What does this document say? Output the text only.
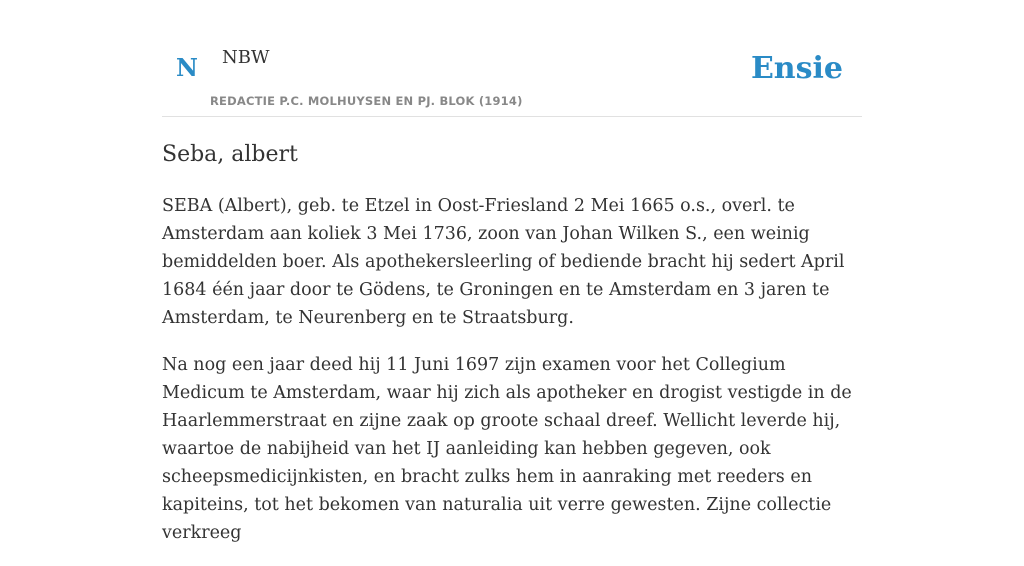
N NBW
REDACTIE P.C. MOLHUYSEN EN PJ. BLOK (1914)
Ensie
Seba, albert

SEBA (Albert), geb. te Etzel in Oost-Friesland 2 Mei 1665 o.s., overl. te Amsterdam aan koliek 3 Mei 1736, zoon van Johan Wilken S., een weinig bemiddelden boer. Als apothekersleerling of bediende bracht hij sedert April 1684 één jaar door te Gödens, te Groningen en te Amsterdam en 3 jaren te Amsterdam, te Neurenberg en te Straatsburg.

Na nog een jaar deed hij 11 Juni 1697 zijn examen voor het Collegium Medicum te Amsterdam, waar hij zich als apotheker en drogist vestigde in de Haarlemmerstraat en zijne zaak op groote schaal dreef. Wellicht leverde hij, waartoe de nabijheid van het IJ aanleiding kan hebben gegeven, ook scheepsmedicijnkisten, en bracht zulks hem in aanraking met reeders en kapiteins, tot het bekomen van naturalia uit verre gewesten. Zijne collectie verkreeg
